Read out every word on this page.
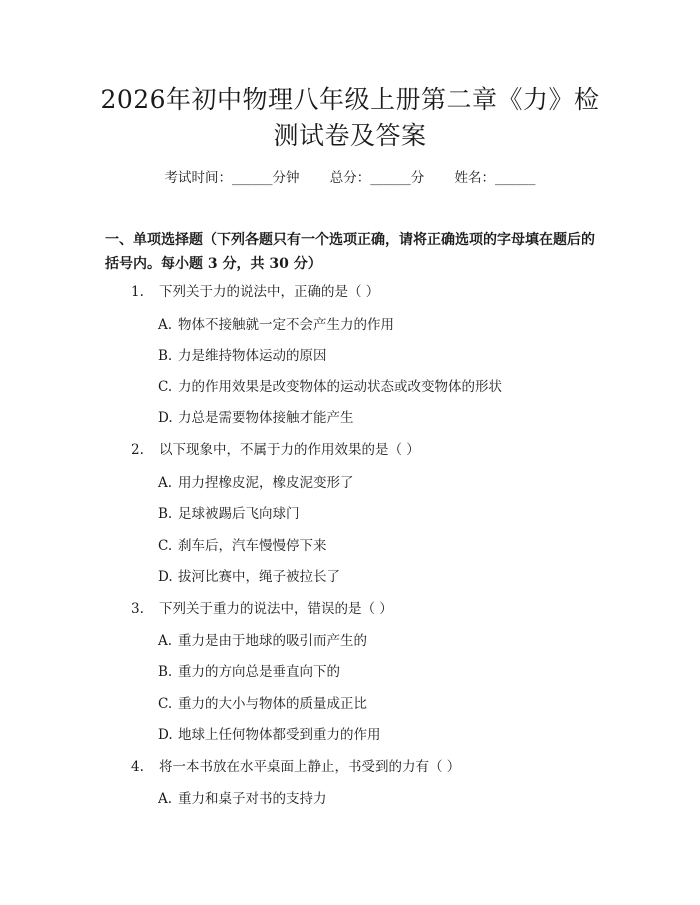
2026年初中物理八年级上册第二章《力》检
测试卷及答案
考试时间：______分钟 总分：______分 姓名：______
一、单项选择题（下列各题只有一个选项正确，请将正确选项的字母填在题后的括号内。每小题 3 分，共 30 分）
1. 下列关于力的说法中，正确的是（ ）
A. 物体不接触就一定不会产生力的作用
B. 力是维持物体运动的原因
C. 力的作用效果是改变物体的运动状态或改变物体的形状
D. 力总是需要物体接触才能产生
2. 以下现象中，不属于力的作用效果的是（ ）
A. 用力捏橡皮泥，橡皮泥变形了
B. 足球被踢后飞向球门
C. 刹车后，汽车慢慢停下来
D. 拔河比赛中，绳子被拉长了
3. 下列关于重力的说法中，错误的是（ ）
A. 重力是由于地球的吸引而产生的
B. 重力的方向总是垂直向下的
C. 重力的大小与物体的质量成正比
D. 地球上任何物体都受到重力的作用
4. 将一本书放在水平桌面上静止，书受到的力有（ ）
A. 重力和桌子对书的支持力
